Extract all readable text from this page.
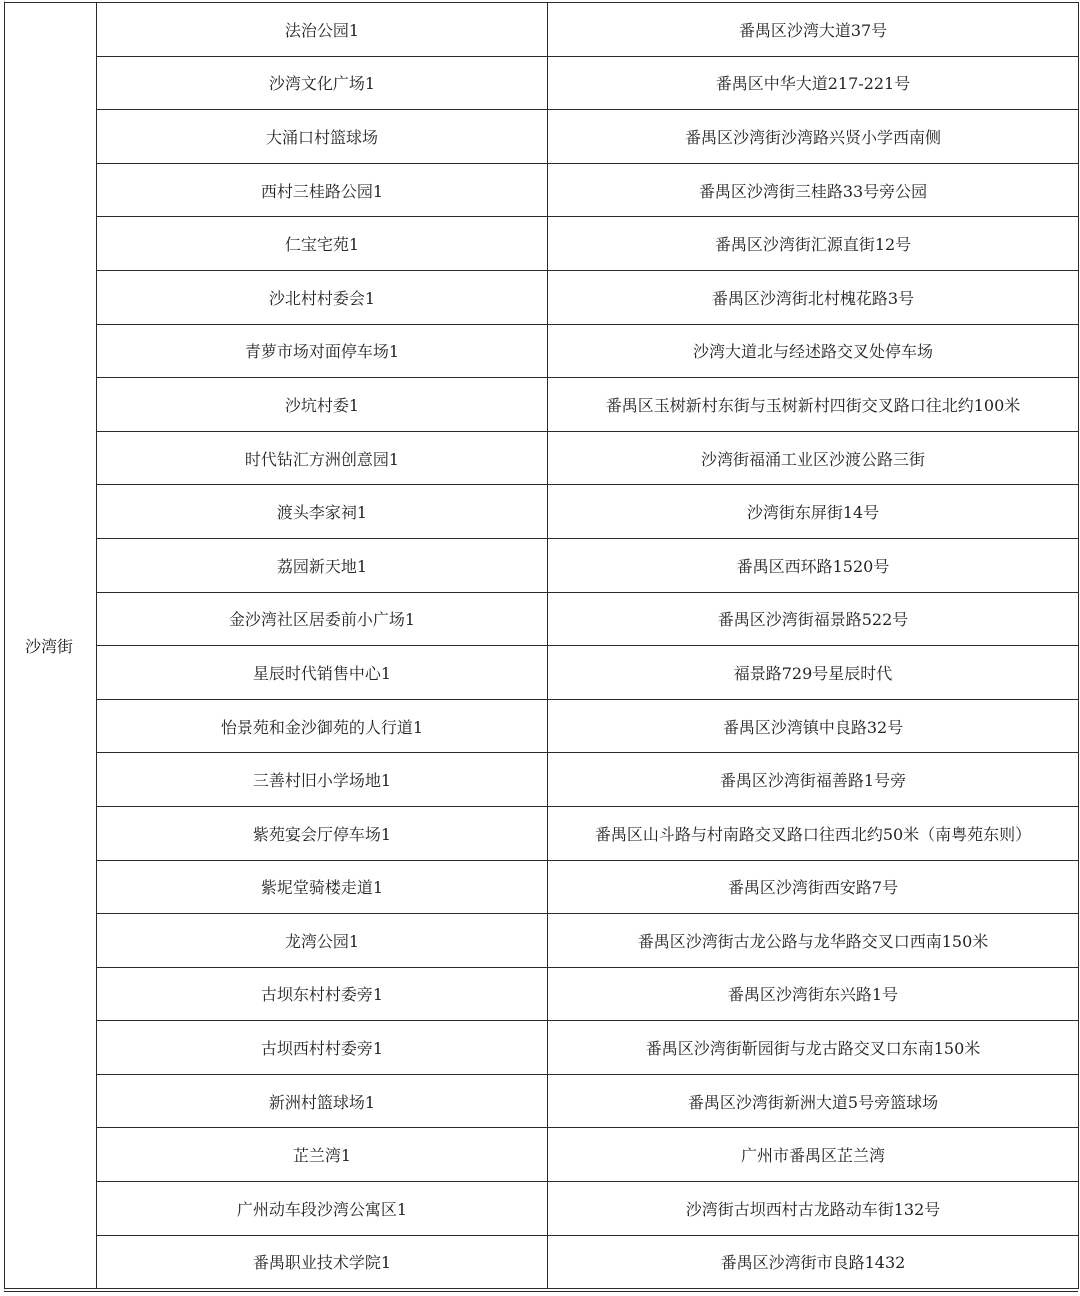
沙湾街	法治公园1	番禺区沙湾大道37号
	沙湾文化广场1	番禺区中华大道217-221号
	大涌口村篮球场	番禺区沙湾街沙湾路兴贤小学西南侧
	西村三桂路公园1	番禺区沙湾街三桂路33号旁公园
	仁宝宅苑1	番禺区沙湾街汇源直街12号
	沙北村村委会1	番禺区沙湾街北村槐花路3号
	青萝市场对面停车场1	沙湾大道北与经述路交叉处停车场
	沙坑村委1	番禺区玉树新村东街与玉树新村四街交叉路口往北约100米
	时代钻汇方洲创意园1	沙湾街福涌工业区沙渡公路三街
	渡头李家祠1	沙湾街东屏街14号
	荔园新天地1	番禺区西环路1520号
	金沙湾社区居委前小广场1	番禺区沙湾街福景路522号
	星辰时代销售中心1	福景路729号星辰时代
	怡景苑和金沙御苑的人行道1	番禺区沙湾镇中良路32号
	三善村旧小学场地1	番禺区沙湾街福善路1号旁
	紫苑宴会厅停车场1	番禺区山斗路与村南路交叉路口往西北约50米（南粤苑东则）
	紫坭堂骑楼走道1	番禺区沙湾街西安路7号
	龙湾公园1	番禺区沙湾街古龙公路与龙华路交叉口西南150米
	古坝东村村委旁1	番禺区沙湾街东兴路1号
	古坝西村村委旁1	番禺区沙湾街靳园街与龙古路交叉口东南150米
	新洲村篮球场1	番禺区沙湾街新洲大道5号旁篮球场
	芷兰湾1	广州市番禺区芷兰湾
	广州动车段沙湾公寓区1	沙湾街古坝西村古龙路动车街132号
	番禺职业技术学院1	番禺区沙湾街市良路1432
